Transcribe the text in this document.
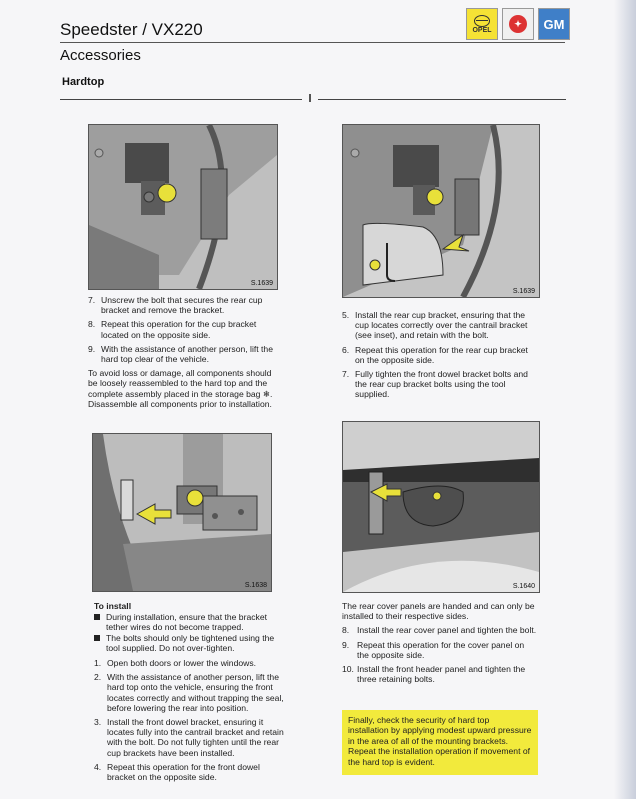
Speedster / VX220
Accessories
Hardtop
OPEL
✦	GM
S.1639
S.1639
7. Unscrew the bolt that secures the rear cup bracket and remove the bracket.
8. Repeat this operation for the cup bracket located on the opposite side.
9. With the assistance of another person, lift the hard top clear of the vehicle.

To avoid loss or damage, all components should be loosely reassembled to the hard top and the complete assembly placed in the storage bag ❄. Disassemble all components prior to installation.

5. Install the rear cup bracket, ensuring that the cup locates correctly over the cantrail bracket (see inset), and retain with the bolt.
6. Repeat this operation for the rear cup bracket on the opposite side.
7. Fully tighten the front dowel bracket bolts and the rear cup bracket bolts using the tool supplied.
S.1638	S.1640
To install
During installation, ensure that the bracket tether wires do not become trapped.
The bolts should only be tightened using the tool supplied. Do not over-tighten.
1. Open both doors or lower the windows.
2. With the assistance of another person, lift the hard top onto the vehicle, ensuring the front locates correctly and without trapping the seal, before lowering the rear into position.
3. Install the front dowel bracket, ensuring it locates fully into the cantrail bracket and retain with the bolt. Do not fully tighten until the rear cup brackets have been installed.
4. Repeat this operation for the front dowel bracket on the opposite side.

The rear cover panels are handed and can only be installed to their respective sides.

8. Install the rear cover panel and tighten the bolt.
9. Repeat this operation for the cover panel on the opposite side.
10. Install the front header panel and tighten the three retaining bolts.
Finally, check the security of hard top installation by applying modest upward pressure in the area of all of the mounting brackets. Repeat the installation operation if movement of the hard top is evident.
